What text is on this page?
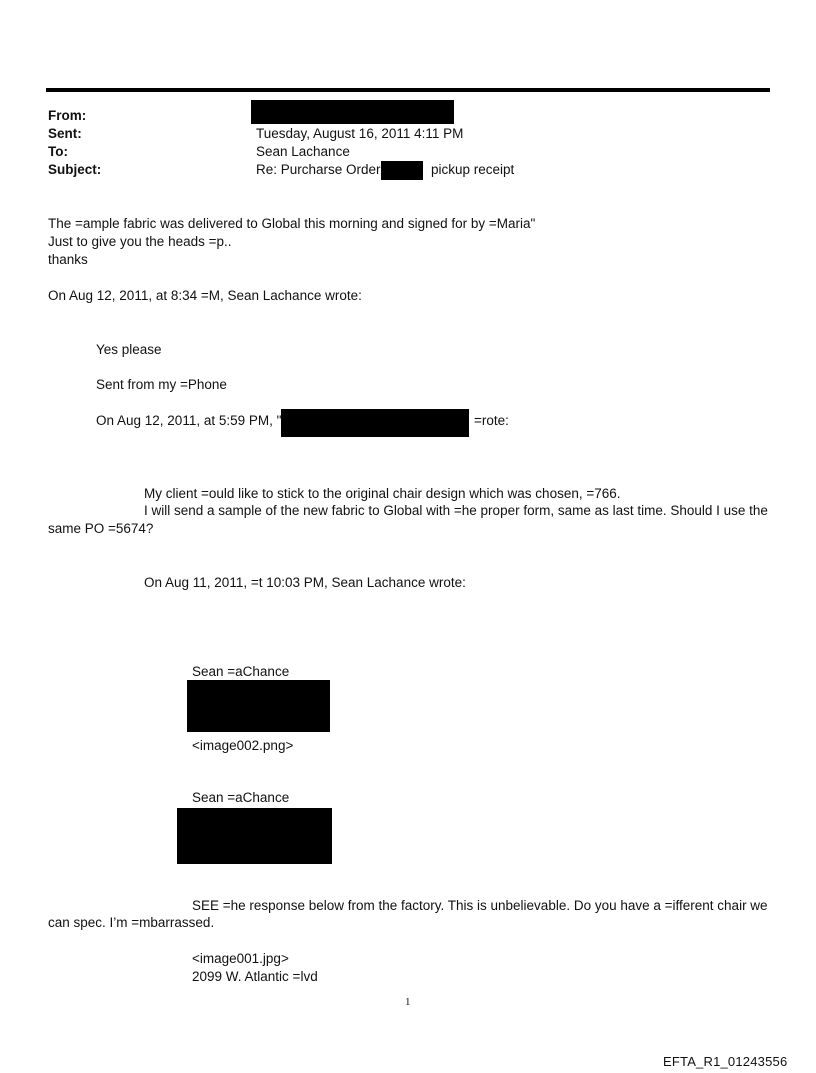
From:
Sent:
To:
Subject:
Tuesday, August 16, 2011 4:11 PM
Sean Lachance
Re: Purcharse Order	pickup receipt
The =ample fabric was delivered to Global this morning and signed for by =Maria"
Just to give you the heads =p..
thanks
On Aug 12, 2011, at 8:34 =M, Sean Lachance wrote:
Yes please
Sent from my =Phone
On Aug 12, 2011, at 5:59 PM, "	=rote:
My client =ould like to stick to the original chair design which was chosen, =766.
I will send a sample of the new fabric to Global with =he proper form, same as last time. Should I use the
same PO =5674?
On Aug 11, 2011, =t 10:03 PM, Sean Lachance wrote:
Sean =aChance
<image002.png>
Sean =aChance
SEE =he response below from the factory. This is unbelievable. Do you have a =ifferent chair we
can spec. I’m =mbarrassed.
<image001.jpg>
2099 W. Atlantic =lvd
1
EFTA_R1_01243556
